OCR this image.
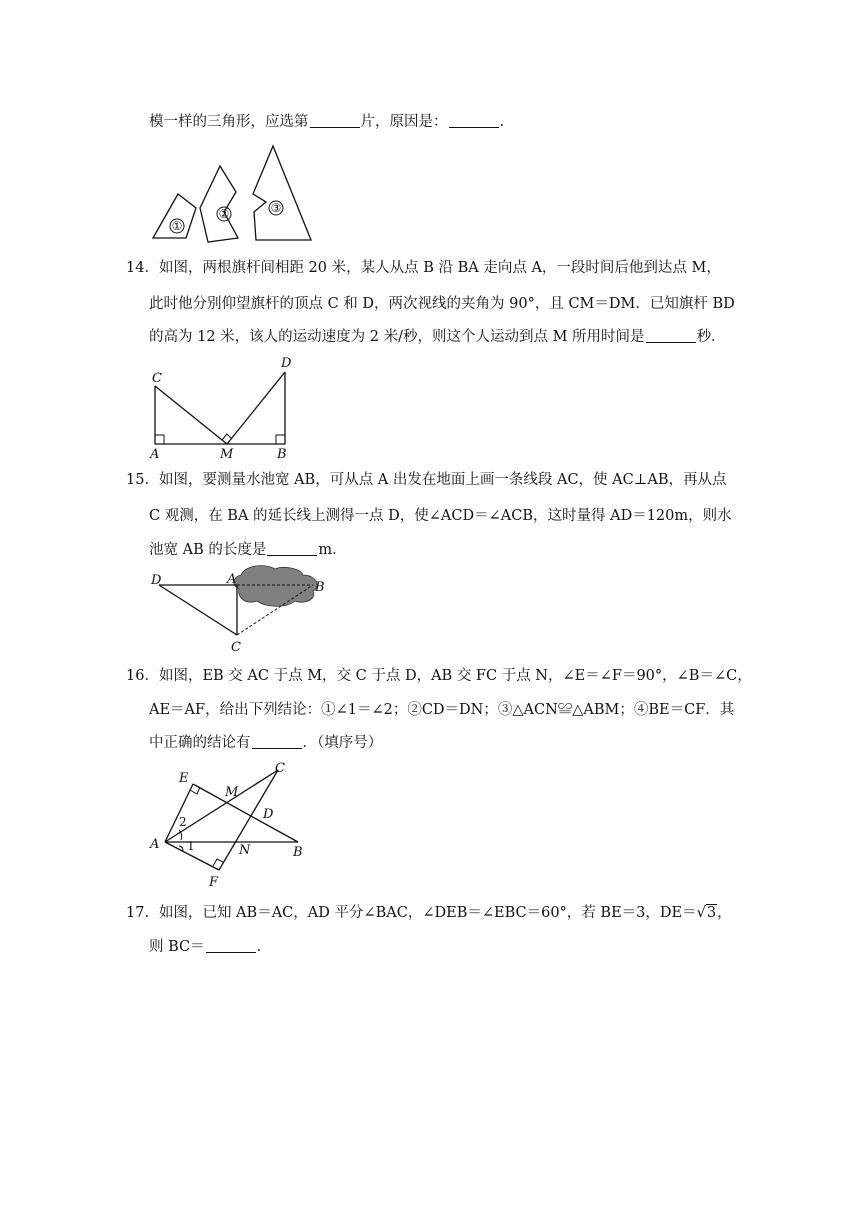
模一样的三角形，应选第	片，原因是：	.
①
②	③
14．如图，两根旗杆间相距 20 米，某人从点 B 沿 BA 走向点 A，一段时间后他到达点 M，
此时他分别仰望旗杆的顶点 C 和 D，两次视线的夹角为 90°，且 CM＝DM．已知旗杆 BD
的高为 12 米，该人的运动速度为 2 米/秒，则这个人运动到点 M 所用时间是	秒．
C
D
A	M	B
15．如图，要测量水池宽 AB，可从点 A 出发在地面上画一条线段 AC，使 AC⊥AB，再从点
C 观测，在 BA 的延长线上测得一点 D，使∠ACD＝∠ACB，这时量得 AD＝120m，则水
池宽 AB 的长度是	m．
D	A
B
C
16．如图，EB 交 AC 于点 M，交 C 于点 D，AB 交 FC 于点 N，∠E＝∠F＝90°，∠B＝∠C，
AE＝AF，给出下列结论：①∠1＝∠2；②CD＝DN；③△ACN≌△ABM；④BE＝CF．其
中正确的结论有	．（填序号）
E
C
M
D
A	N	B
F
1
2
17．如图，已知 AB＝AC，AD 平分∠BAC，∠DEB＝∠EBC＝60°，若 BE＝3，DE＝√3，
则 BC＝	．
